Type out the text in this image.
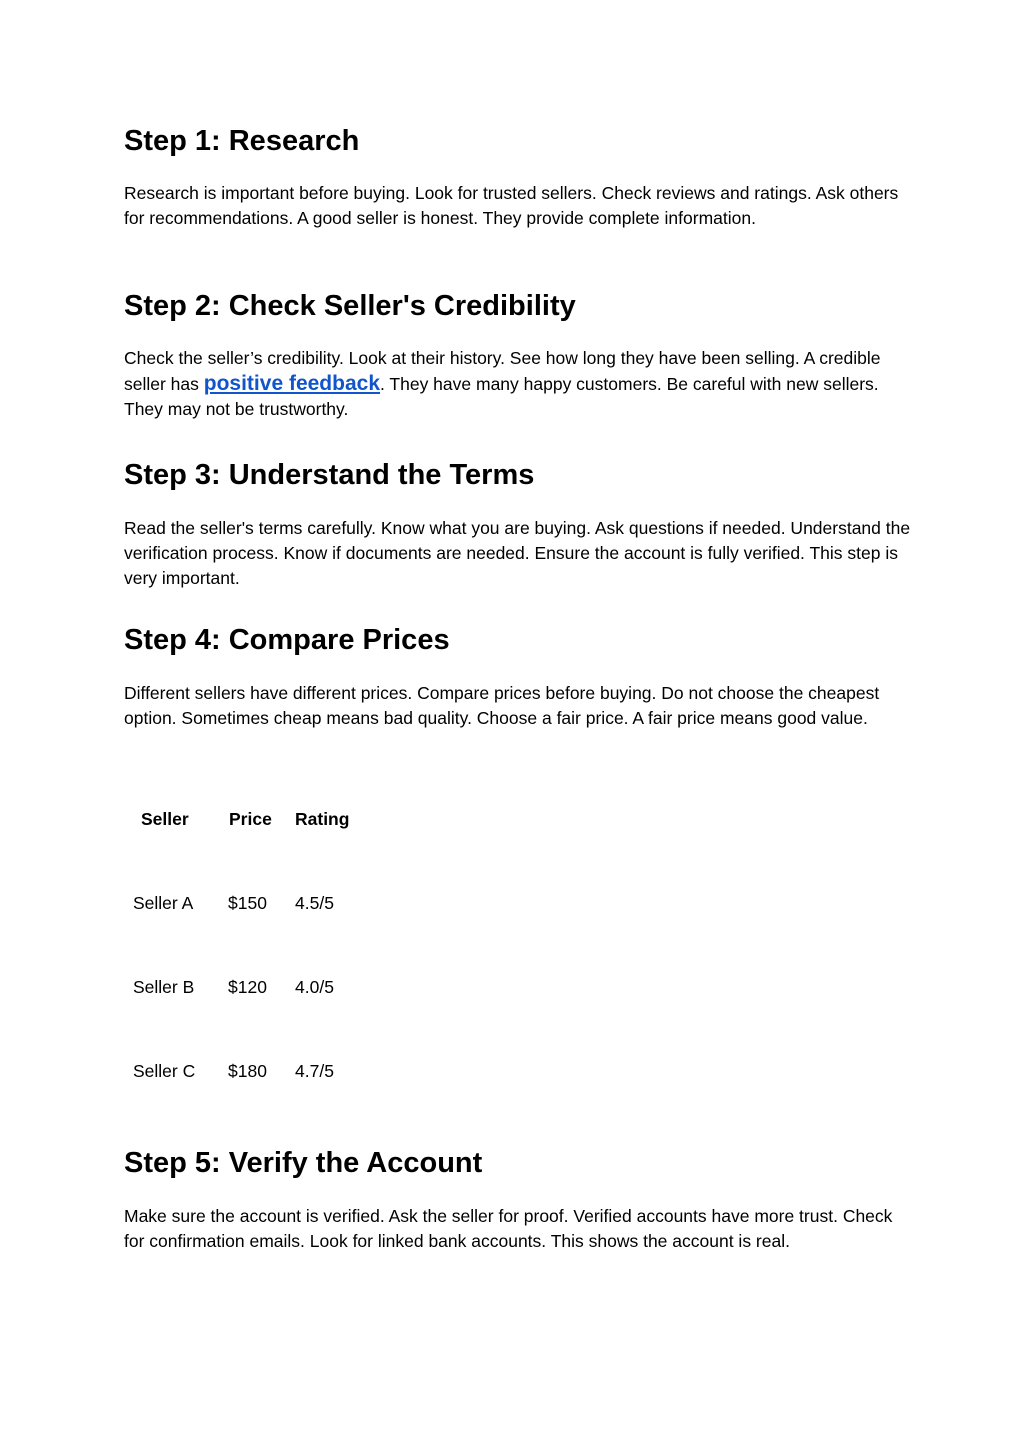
Step 1: Research

Research is important before buying. Look for trusted sellers. Check reviews and ratings. Ask others for recommendations. A good seller is honest. They provide complete information.

Step 2: Check Seller's Credibility

Check the seller’s credibility. Look at their history. See how long they have been selling. A credible seller has positive feedback. They have many happy customers. Be careful with new sellers. They may not be trustworthy.

Step 3: Understand the Terms

Read the seller's terms carefully. Know what you are buying. Ask questions if needed. Understand the verification process. Know if documents are needed. Ensure the account is fully verified. This step is very important.

Step 4: Compare Prices

Different sellers have different prices. Compare prices before buying. Do not choose the cheapest option. Sometimes cheap means bad quality. Choose a fair price. A fair price means good value.

Seller	Price	Rating
Seller A	$150	4.5/5
Seller B	$120	4.0/5
Seller C	$180	4.7/5
Step 5: Verify the Account

Make sure the account is verified. Ask the seller for proof. Verified accounts have more trust. Check for confirmation emails. Look for linked bank accounts. This shows the account is real.
